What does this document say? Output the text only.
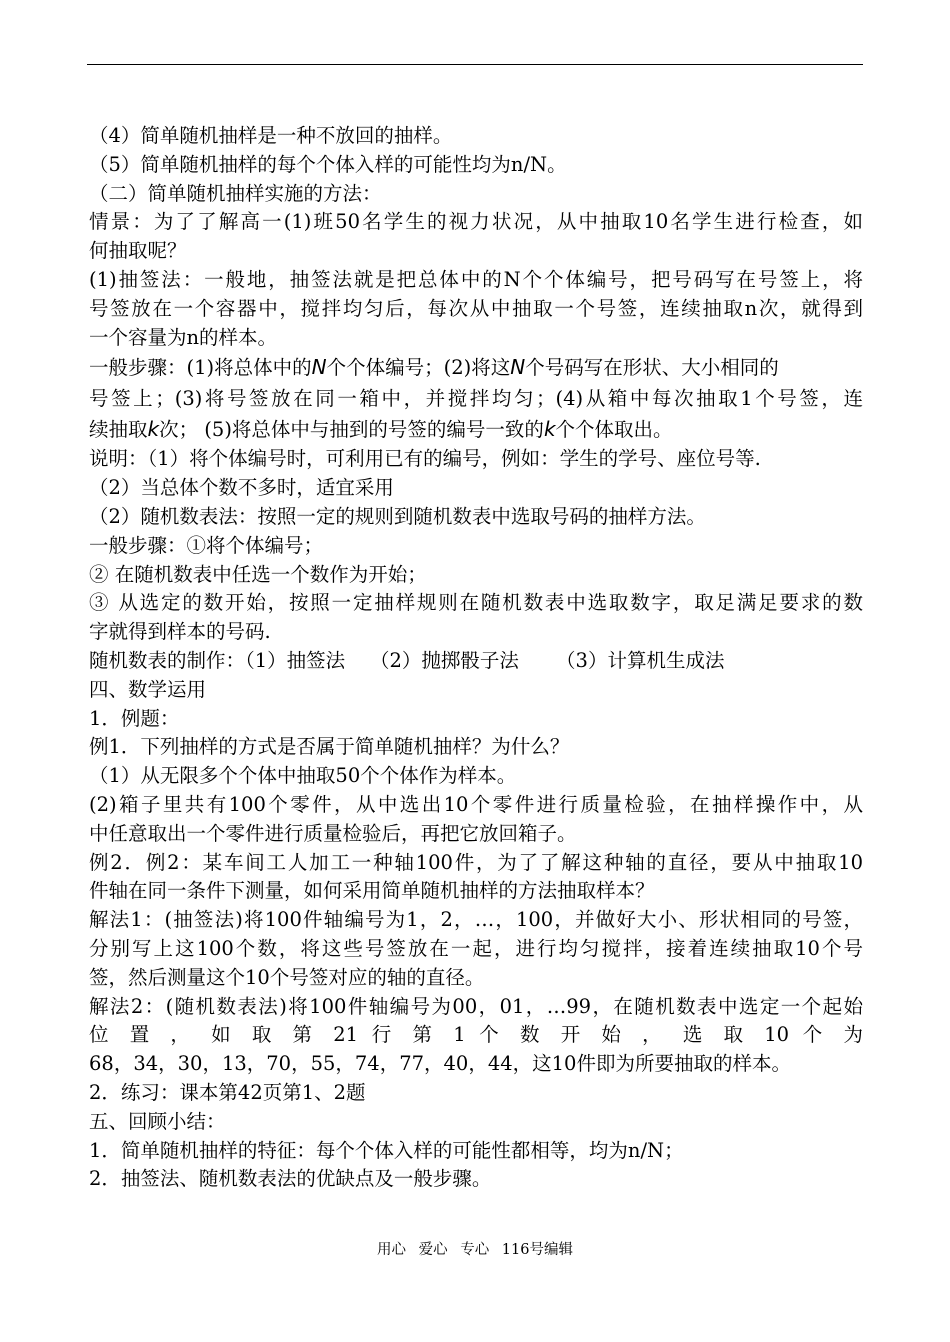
（4）简单随机抽样是一种不放回的抽样。
（5）简单随机抽样的每个个体入样的可能性均为n/N。
（二）简单随机抽样实施的方法：
情景：为了了解高一(1)班50名学生的视力状况，从中抽取10名学生进行检查，如
何抽取呢？
(1)抽签法：一般地，抽签法就是把总体中的N个个体编号，把号码写在号签上，将
号签放在一个容器中，搅拌均匀后，每次从中抽取一个号签，连续抽取n次，就得到
一个容量为n的样本。
一般步骤：(1)将总体中的N个个体编号；(2)将这N个号码写在形状、大小相同的
号签上；(3)将号签放在同一箱中，并搅拌均匀；(4)从箱中每次抽取1个号签，连
续抽取k次； (5)将总体中与抽到的号签的编号一致的k个个体取出。
说明：（1）将个体编号时，可利用已有的编号，例如：学生的学号、座位号等.
（2）当总体个数不多时，适宜采用
（2）随机数表法：按照一定的规则到随机数表中选取号码的抽样方法。
一般步骤：①将个体编号；
② 在随机数表中任选一个数作为开始；
③ 从选定的数开始，按照一定抽样规则在随机数表中选取数字，取足满足要求的数
字就得到样本的号码.
随机数表的制作：（1）抽签法    （2）抛掷骰子法      （3）计算机生成法
四、数学运用
1．例题：
例1．下列抽样的方式是否属于简单随机抽样？为什么？
（1）从无限多个个体中抽取50个个体作为样本。
(2)箱子里共有100个零件，从中选出10个零件进行质量检验，在抽样操作中，从
中任意取出一个零件进行质量检验后，再把它放回箱子。
例2．例2：某车间工人加工一种轴100件，为了了解这种轴的直径，要从中抽取10
件轴在同一条件下测量，如何采用简单随机抽样的方法抽取样本？
解法1：(抽签法)将100件轴编号为1，2，…，100，并做好大小、形状相同的号签，
分别写上这100个数，将这些号签放在一起，进行均匀搅拌，接着连续抽取10个号
签，然后测量这个10个号签对应的轴的直径。
解法2：(随机数表法)将100件轴编号为00，01，…99，在随机数表中选定一个起始
位 置 ， 如 取 第 21 行 第 1 个 数 开 始 ， 选 取 10 个 为
68，34，30，13，70，55，74，77，40，44，这10件即为所要抽取的样本。
2．练习：课本第42页第1、2题
五、回顾小结：
1．简单随机抽样的特征：每个个体入样的可能性都相等，均为n/N；
2．抽签法、随机数表法的优缺点及一般步骤。
用心 爱心 专心 116号编辑
